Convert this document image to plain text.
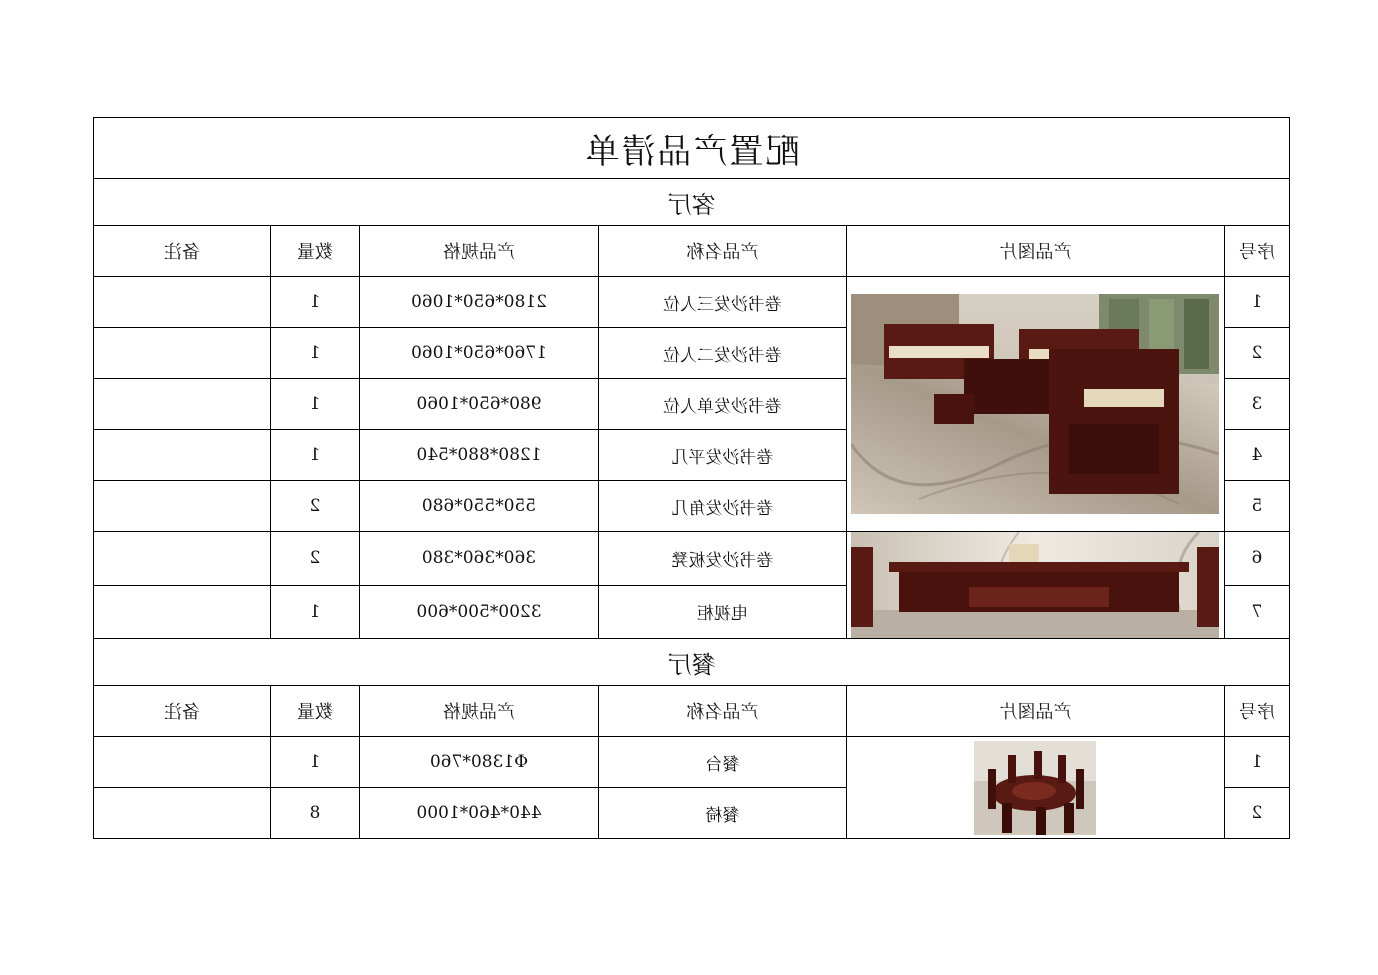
配置产品清单					
客厅					
序号	产品图片	产品名称	产品规格	数量	备注
1		卷书沙发三人位	2180*650*1060	1	
2		卷书沙发二人位	1760*650*1060	1	
3		卷书沙发单人位	980*650*1060	1	
4		卷书沙发平几	1280*880*540	1	
5		卷书沙发角几	550*550*680	2	
6		卷书沙发板凳	360*360*380	2	
7		电视柜	3200*500*600	1	
餐厅					
序号	产品图片	产品名称	产品规格	数量	备注
1		餐台	Φ1380*760	1	
2		餐椅	440*460*1000	8	
